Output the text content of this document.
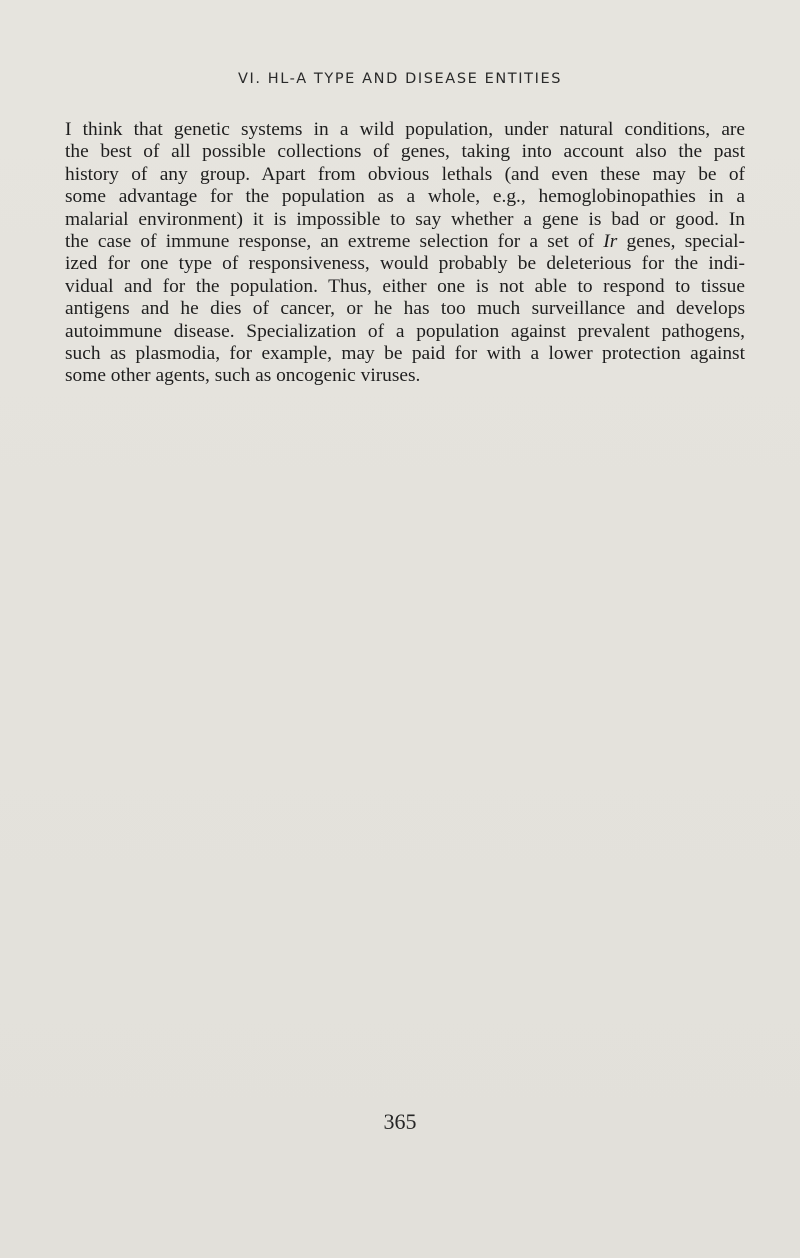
VI. HL-A TYPE AND DISEASE ENTITIES
I think that genetic systems in a wild population, under natural conditions, are
the best of all possible collections of genes, taking into account also the past
history of any group. Apart from obvious lethals (and even these may be of
some advantage for the population as a whole, e.g., hemoglobinopathies in a
malarial environment) it is impossible to say whether a gene is bad or good. In
the case of immune response, an extreme selection for a set of Ir genes, special-
ized for one type of responsiveness, would probably be deleterious for the indi-
vidual and for the population. Thus, either one is not able to respond to tissue
antigens and he dies of cancer, or he has too much surveillance and develops
autoimmune disease. Specialization of a population against prevalent pathogens,
such as plasmodia, for example, may be paid for with a lower protection against
some other agents, such as oncogenic viruses.
365
